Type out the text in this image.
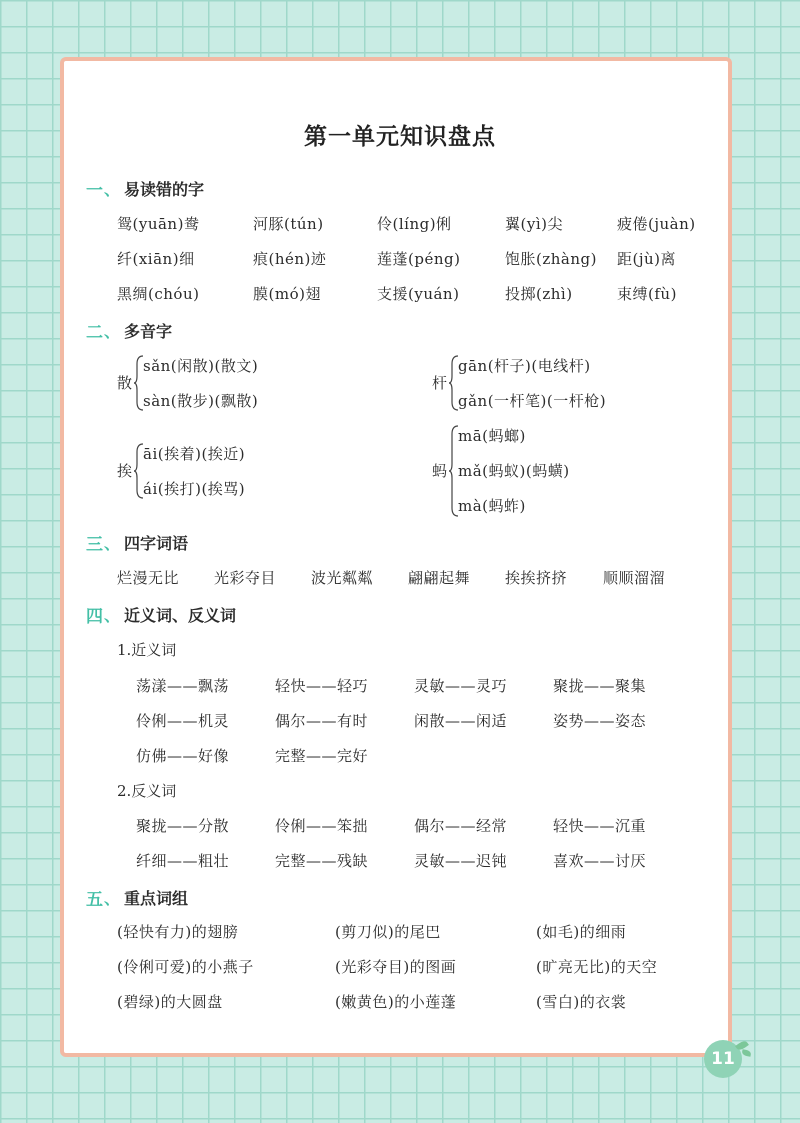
第一单元知识盘点
一 、 易读错的字
鸳(yuān)鸯	河豚(tún)	伶(líng)俐	翼(yì)尖	疲倦(juàn)
纤(xiān)细	痕(hén)迹	莲蓬(péng)	饱胀(zhàng) 距(jù)离
黑绸(chóu)	膜(mó)翅	支援(yuán)	投掷(zhì)	束缚(fù)
二 、 多音字
散
sǎn(闲散)(散文)
sàn(散步)(飘散)
杆
gān(杆子)(电线杆)
gǎn(一杆笔)(一杆枪)
挨
āi(挨着)(挨近)
ái(挨打)(挨骂)
蚂
mā(蚂螂)
mǎ(蚂蚁)(蚂蟥)
mà(蚂蚱)
三 、 四字词语
烂漫无比 光彩夺目 波光粼粼 翩翩起舞 挨挨挤挤 顺顺溜溜
四 、 近义词、反义词
1.近义词
荡漾——飘荡	轻快——轻巧	灵敏——灵巧	聚拢——聚集
伶俐——机灵	偶尔——有时	闲散——闲适	姿势——姿态
仿佛——好像	完整——完好
2.反义词
聚拢——分散	伶俐——笨拙	偶尔——经常	轻快——沉重
纤细——粗壮	完整——残缺	灵敏——迟钝	喜欢——讨厌
五 、 重点词组
(轻快有力)的翅膀	(剪刀似)的尾巴	(如毛)的细雨
(伶俐可爱)的小燕子	(光彩夺目)的图画	(旷亮无比)的天空
(碧绿)的大圆盘	(嫩黄色)的小莲蓬	(雪白)的衣裳
11
